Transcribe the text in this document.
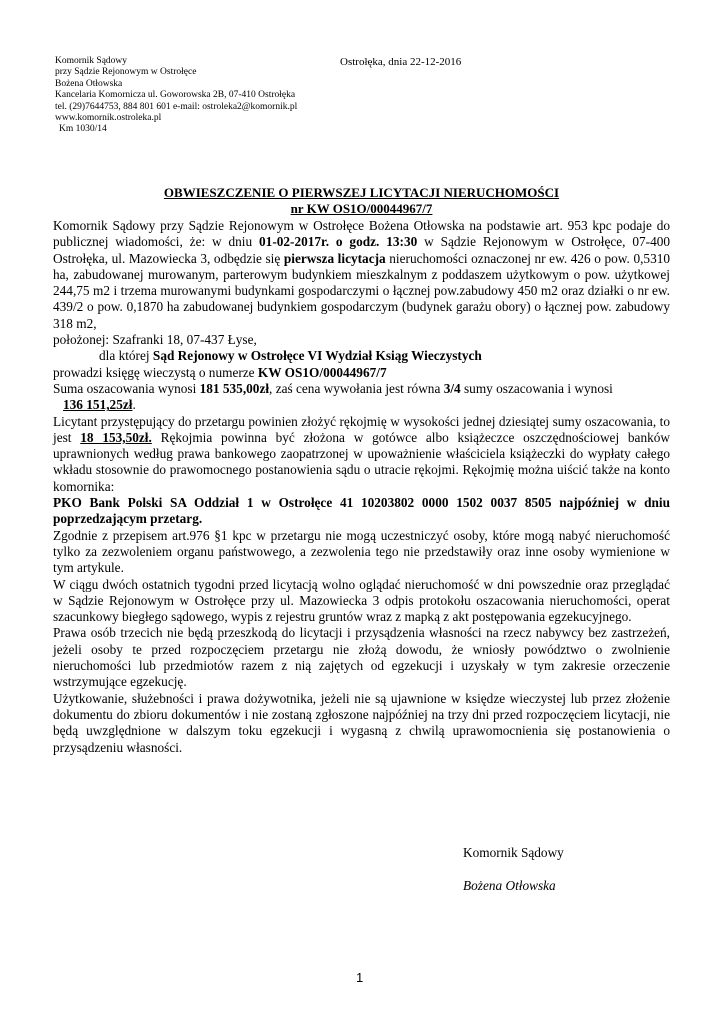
Komornik Sądowy
przy Sądzie Rejonowym w Ostrołęce
Bożena Otłowska
Kancelaria Komornicza ul. Goworowska 2B, 07-410 Ostrołęka
tel. (29)7644753, 884 801 601 e-mail: ostroleka2@komornik.pl
www.komornik.ostroleka.pl
Km 1030/14
Ostrołęka, dnia 22-12-2016
OBWIESZCZENIE O PIERWSZEJ LICYTACJI NIERUCHOMOŚCI
nr KW OS1O/00044967/7

Komornik Sądowy przy Sądzie Rejonowym w Ostrołęce Bożena Otłowska na podstawie art. 953 kpc podaje do publicznej wiadomości, że: w dniu 01-02-2017r. o godz. 13:30 w Sądzie Rejonowym w Ostrołęce, 07-400 Ostrołęka, ul. Mazowiecka 3, odbędzie się pierwsza licytacja nieruchomości oznaczonej nr ew. 426 o pow. 0,5310 ha, zabudowanej murowanym, parterowym budynkiem mieszkalnym z poddaszem użytkowym o pow. użytkowej 244,75 m2 i trzema murowanymi budynkami gospodarczymi o łącznej pow.zabudowy 450 m2 oraz działki o nr ew. 439/2 o pow. 0,1870 ha zabudowanej budynkiem gospodarczym (budynek garażu obory) o łącznej pow. zabudowy 318 m2,

położonej: Szafranki 18, 07-437 Łyse,
dla której Sąd Rejonowy w Ostrołęce VI Wydział Ksiąg Wieczystych
prowadzi księgę wieczystą o numerze KW OS1O/00044967/7
Suma oszacowania wynosi 181 535,00zł, zaś cena wywołania jest równa 3/4 sumy oszacowania i wynosi
136 151,25zł.

Licytant przystępujący do przetargu powinien złożyć rękojmię w wysokości jednej dziesiątej sumy oszacowania, to jest 18 153,50zł. Rękojmia powinna być złożona w gotówce albo książeczce oszczędnościowej banków uprawnionych według prawa bankowego zaopatrzonej w upoważnienie właściciela książeczki do wypłaty całego wkładu stosownie do prawomocnego postanowienia sądu o utracie rękojmi. Rękojmię można uiścić także na konto komornika:

PKO Bank Polski SA Oddział 1 w Ostrołęce 41 10203802 0000 1502 0037 8505 najpóźniej w dniu poprzedzającym przetarg.

Zgodnie z przepisem art.976 §1 kpc w przetargu nie mogą uczestniczyć osoby, które mogą nabyć nieruchomość tylko za zezwoleniem organu państwowego, a zezwolenia tego nie przedstawiły oraz inne osoby wymienione w tym artykule.

W ciągu dwóch ostatnich tygodni przed licytacją wolno oglądać nieruchomość w dni powszednie oraz przeglądać w Sądzie Rejonowym w Ostrołęce przy ul. Mazowiecka 3 odpis protokołu oszacowania nieruchomości, operat szacunkowy biegłego sądowego, wypis z rejestru gruntów wraz z mapką z akt postępowania egzekucyjnego.

Prawa osób trzecich nie będą przeszkodą do licytacji i przysądzenia własności na rzecz nabywcy bez zastrzeżeń, jeżeli osoby te przed rozpoczęciem przetargu nie złożą dowodu, że wniosły powództwo o zwolnienie nieruchomości lub przedmiotów razem z nią zajętych od egzekucji i uzyskały w tym zakresie orzeczenie wstrzymujące egzekucję.

Użytkowanie, służebności i prawa dożywotnika, jeżeli nie są ujawnione w księdze wieczystej lub przez złożenie dokumentu do zbioru dokumentów i nie zostaną zgłoszone najpóźniej na trzy dni przed rozpoczęciem licytacji, nie będą uwzględnione w dalszym toku egzekucji i wygasną z chwilą uprawomocnienia się postanowienia o przysądzeniu własności.

Komornik Sądowy
Bożena Otłowska
1
